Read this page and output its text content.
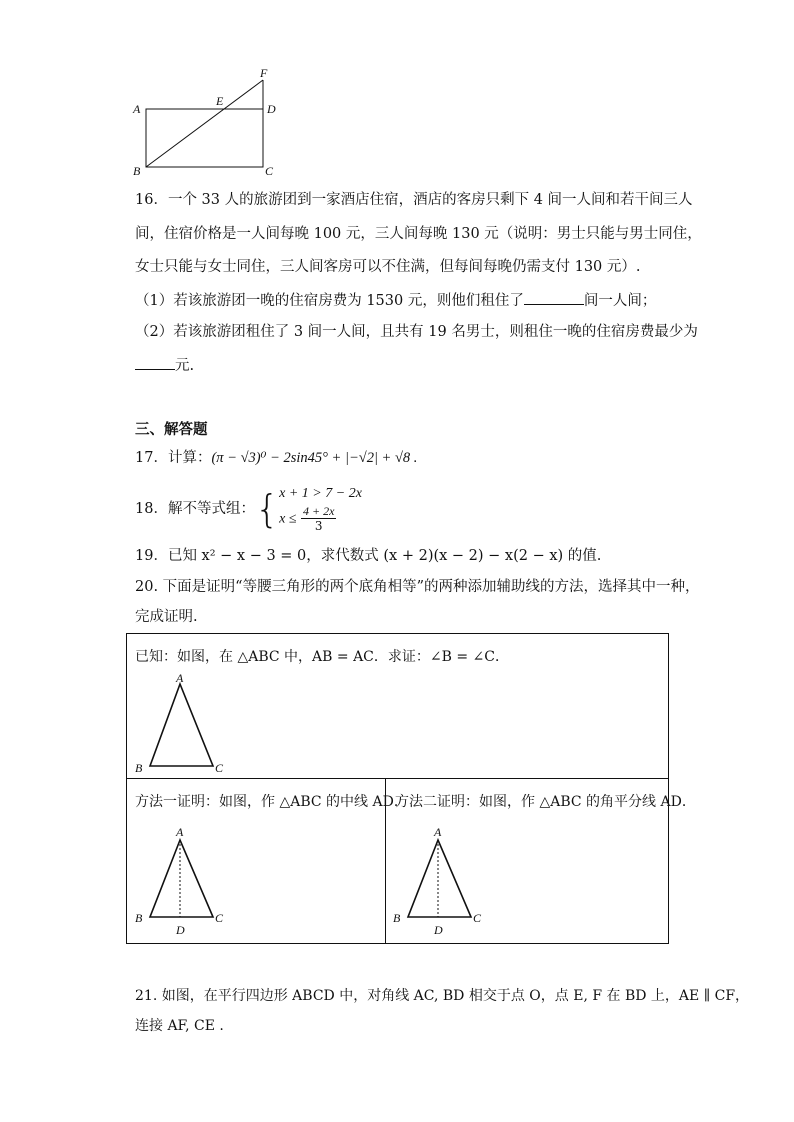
A
E
F
D
B	C
16．一个 33 人的旅游团到一家酒店住宿，酒店的客房只剩下 4 间一人间和若干间三人
间，住宿价格是一人间每晚 100 元，三人间每晚 130 元（说明：男士只能与男士同住，
女士只能与女士同住，三人间客房可以不住满，但每间每晚仍需支付 130 元）.
（1）若该旅游团一晚的住宿房费为 1530 元，则他们租住了	间一人间；
（2）若该旅游团租住了 3 间一人间，且共有 19 名男士，则租住一晚的住宿房费最少为
元.
三、解答题
17．计算：(π − √3)⁰ − 2sin45° + |−√2| + √8 .
18．解不等式组：{ x + 1 > 7 − 2x
$x \le \frac{4 + 2x}{3}$
19．已知 x² − x − 3 = 0，求代数式 (x + 2)(x − 2) − x(2 − x) 的值.
20. 下面是证明“等腰三角形的两个底角相等”的两种添加辅助线的方法，选择其中一种，
完成证明.
已知：如图，在 △ABC 中，AB = AC．求证：∠B = ∠C．
A
B	C
方法一证明：如图，作 △ABC 的中线 AD．
A
B	C
D
方法二证明：如图，作 △ABC 的角平分线 AD．
A
B	C
D
21. 如图，在平行四边形 ABCD 中，对角线 AC, BD 相交于点 O，点 E, F 在 BD 上，AE ∥ CF，
连接 AF, CE .
